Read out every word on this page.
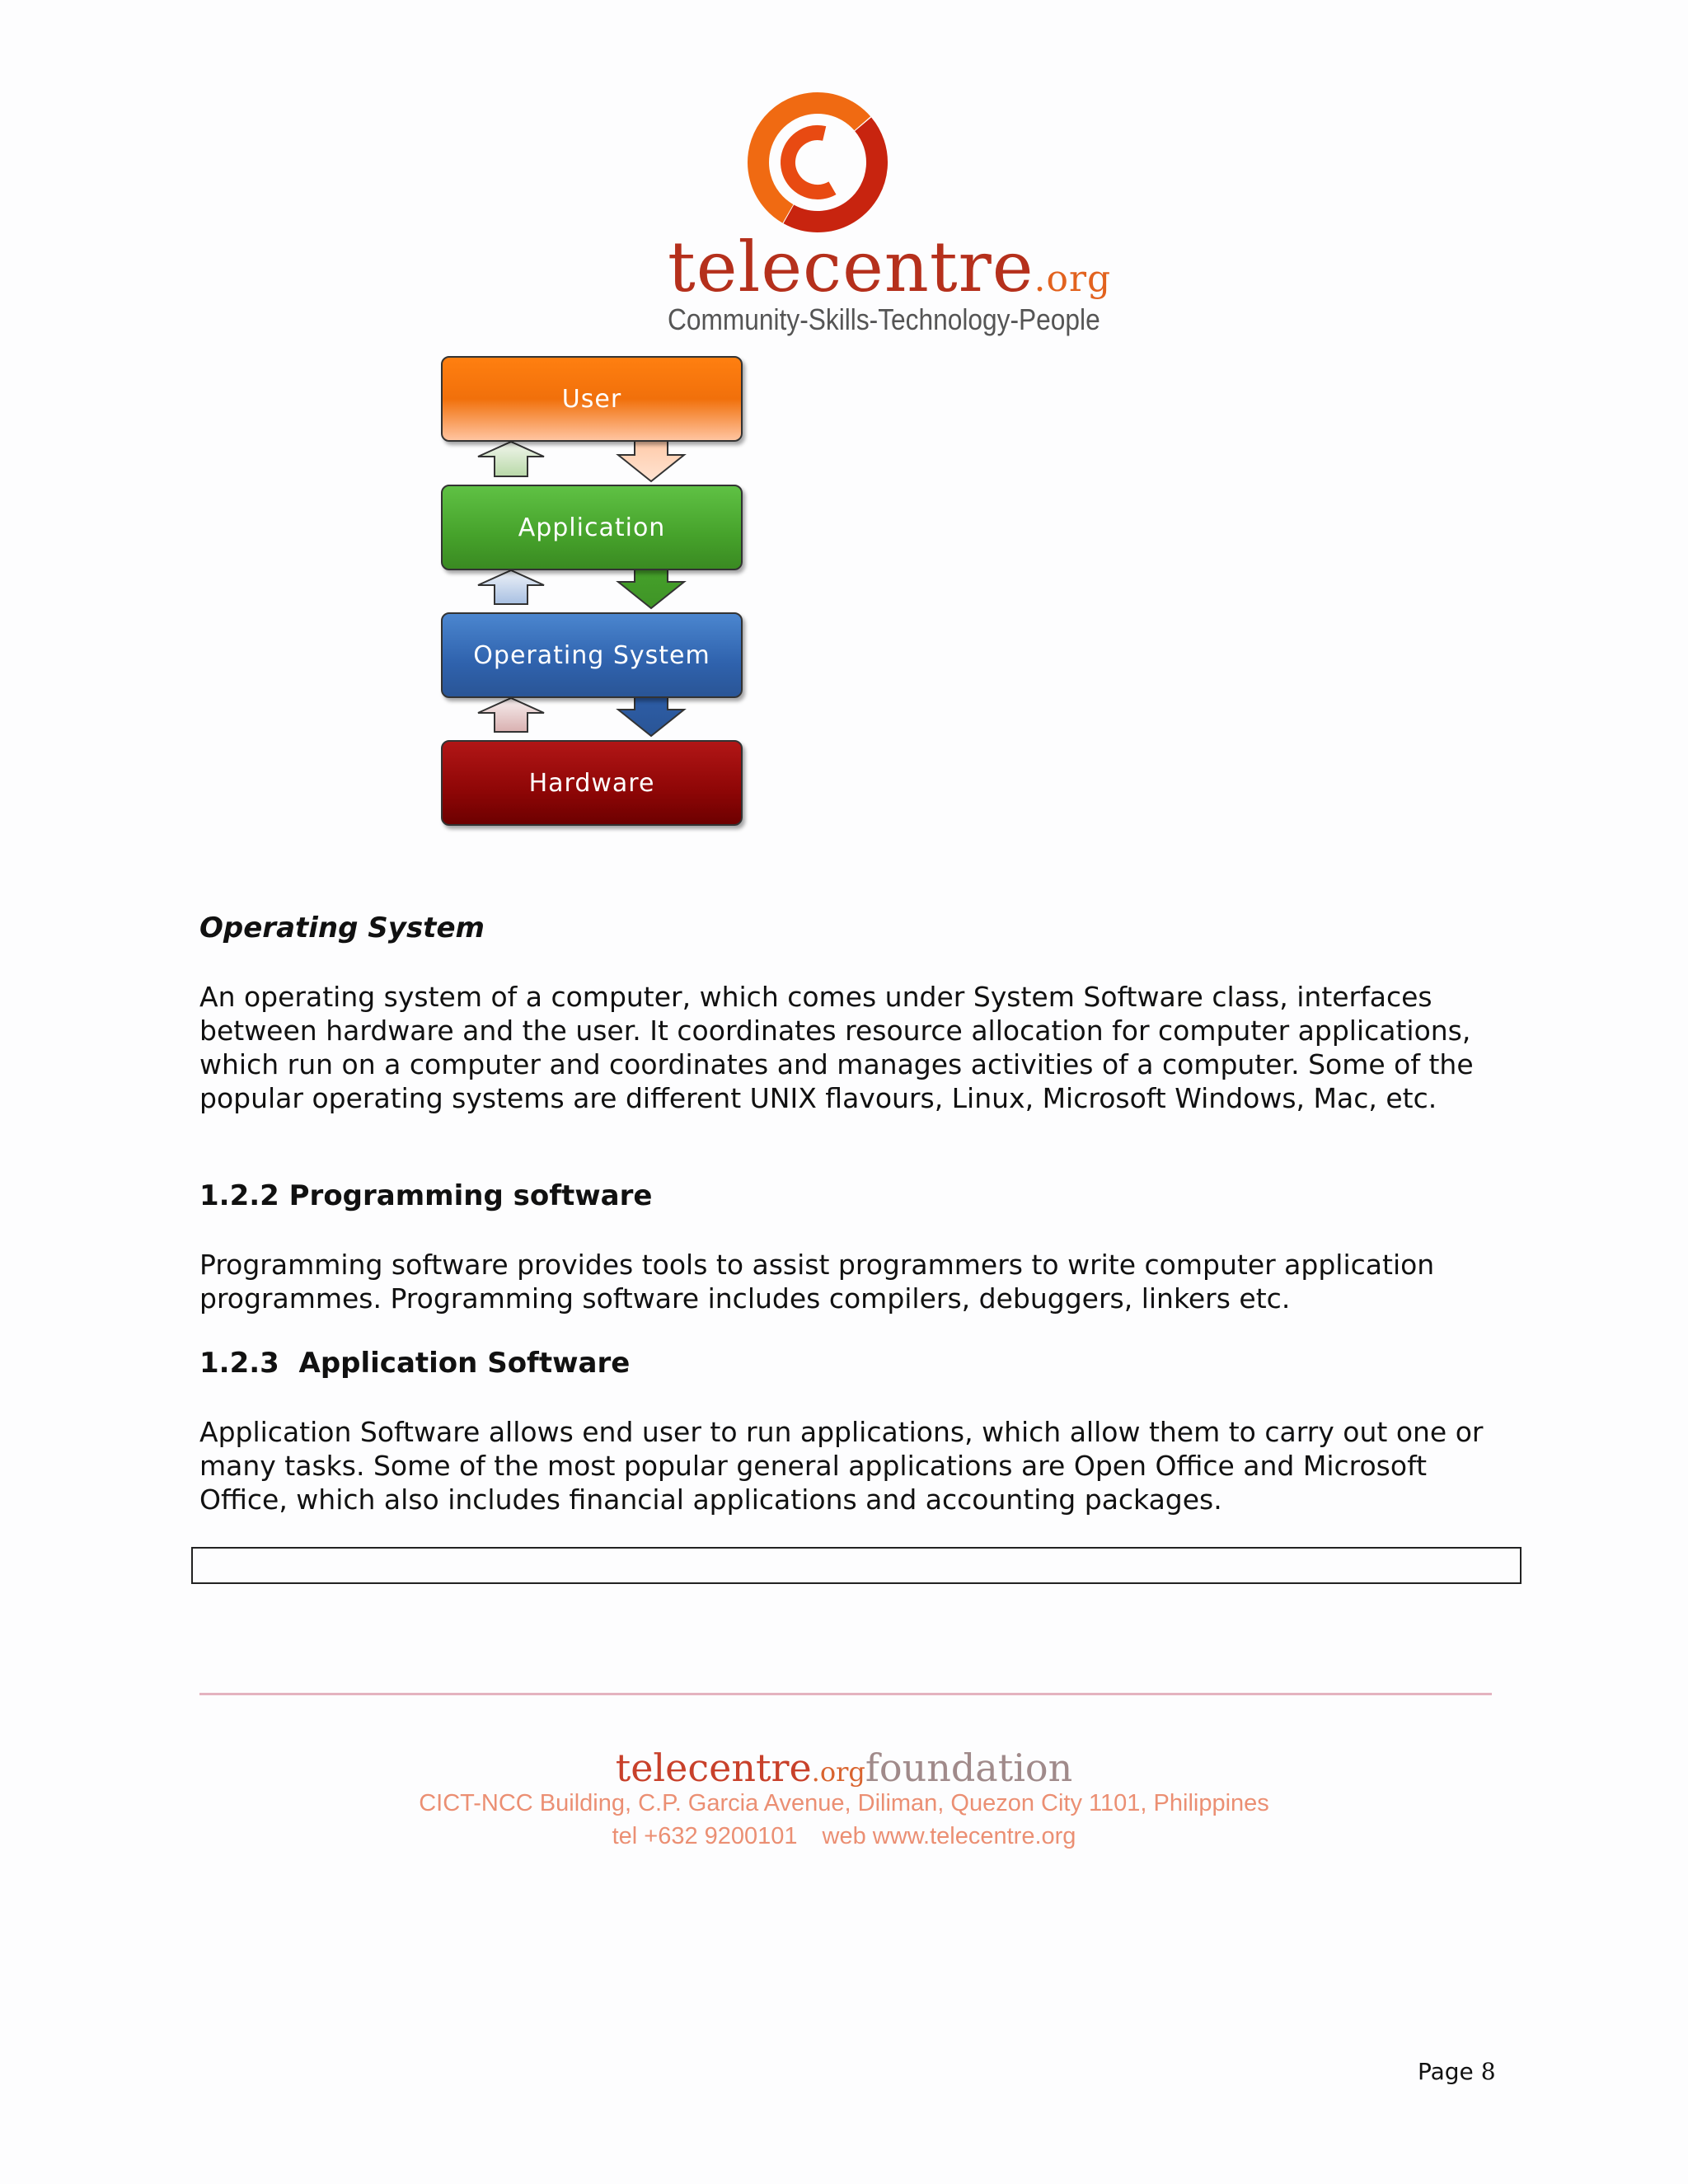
telecentre.org
Community-Skills-Technology-People
User
Application
Operating System
Hardware
Operating System
An operating system of a computer, which comes under System Software class, interfaces between hardware and the user. It coordinates resource allocation for computer applications, which run on a computer and coordinates and manages activities of a computer. Some of the popular operating systems are different UNIX flavours, Linux, Microsoft Windows, Mac, etc.
1.2.2 Programming software
Programming software provides tools to assist programmers to write computer application programmes. Programming software includes compilers, debuggers, linkers etc.
1.2.3 Application Software
Application Software allows end user to run applications, which allow them to carry out one or many tasks. Some of the most popular general applications are Open Office and Microsoft Office, which also includes financial applications and accounting packages.
telecentre.orgfoundation
CICT-NCC Building, C.P. Garcia Avenue, Diliman, Quezon City 1101, Philippines
tel +632 9200101 web www.telecentre.org
Page 8
